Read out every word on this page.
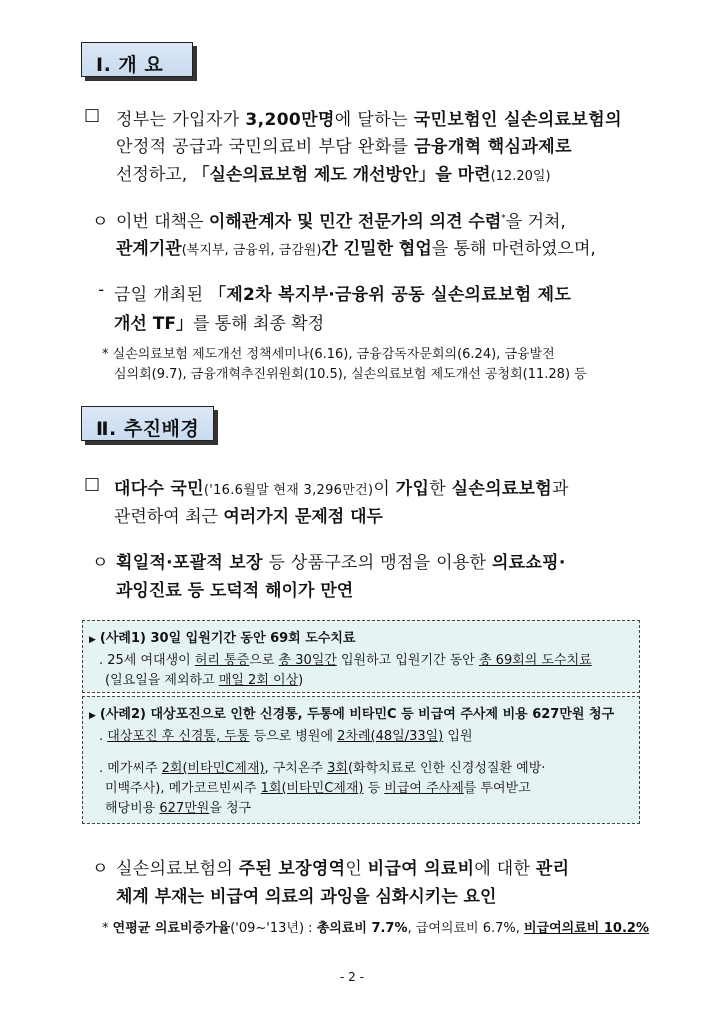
Ⅰ. 개 요
□ 정부는 가입자가 3,200만명에 달하는 국민보험인 실손의료보험의
안정적 공급과 국민의료비 부담 완화를 금융개혁 핵심과제로
선정하고, 「실손의료보험 제도 개선방안」을 마련(12.20일)
ㅇ 이번 대책은 이해관계자 및 민간 전문가의 의견 수렴*을 거쳐,
관계기관(복지부, 금융위, 금감원)간 긴밀한 협업을 통해 마련하였으며,
- 금일 개최된 「제2차 복지부·금융위 공동 실손의료보험 제도
개선 TF」를 통해 최종 확정
* 실손의료보험 제도개선 정책세미나(6.16), 금융감독자문회의(6.24), 금융발전
심의회(9.7), 금융개혁추진위원회(10.5), 실손의료보험 제도개선 공청회(11.28) 등
Ⅱ. 추진배경
□ 대다수 국민('16.6월말 현재 3,296만건)이 가입한 실손의료보험과
관련하여 최근 여러가지 문제점 대두
ㅇ 획일적·포괄적 보장 등 상품구조의 맹점을 이용한 의료쇼핑·
과잉진료 등 도덕적 해이가 만연
▶ (사례1) 30일 입원기간 동안 69회 도수치료
. 25세 여대생이 허리 통증으로 총 30일간 입원하고 입원기간 동안 총 69회의 도수치료
(일요일을 제외하고 매일 2회 이상)
▶ (사례2) 대상포진으로 인한 신경통, 두통에 비타민C 등 비급여 주사제 비용 627만원 청구
. 대상포진 후 신경통, 두통 등으로 병원에 2차례(48일/33일) 입원
. 메가씨주 2회(비타민C제재), 구치온주 3회(화학치료로 인한 신경성질환 예방·
미백주사), 메가코르빈씨주 1회(비타민C제재) 등 비급여 주사제를 투여받고
해당비용 627만원을 청구
ㅇ 실손의료보험의 주된 보장영역인 비급여 의료비에 대한 관리
체계 부재는 비급여 의료의 과잉을 심화시키는 요인
* 연평균 의료비증가율('09~'13년) : 총의료비 7.7%, 급여의료비 6.7%, 비급여의료비 10.2%
- 2 -
